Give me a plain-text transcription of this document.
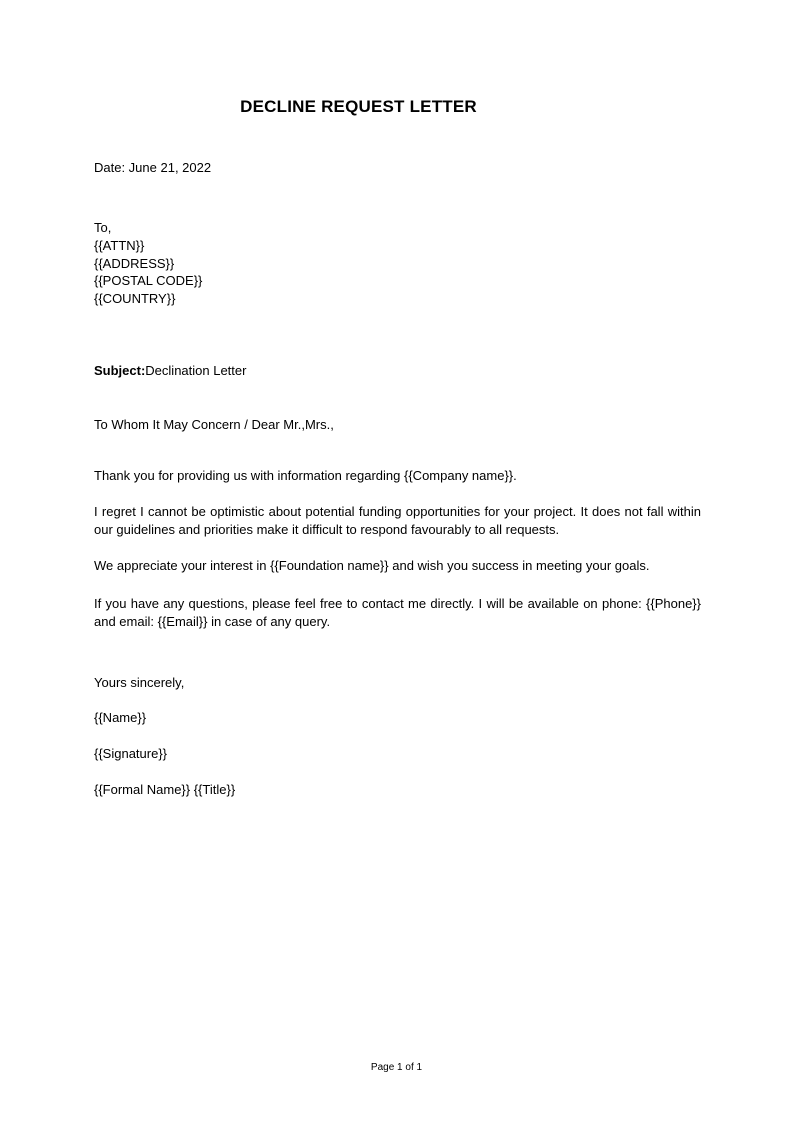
DECLINE REQUEST LETTER
Date: June 21, 2022
To,
{{ATTN}}
{{ADDRESS}}
{{POSTAL CODE}}
{{COUNTRY}}
Subject:Declination Letter
To Whom It May Concern / Dear Mr.,Mrs.,
Thank you for providing us with information regarding {{Company name}}.
I regret I cannot be optimistic about potential funding opportunities for your project. It does not fall within our guidelines and priorities make it difficult to respond favourably to all requests.
We appreciate your interest in {{Foundation name}} and wish you success in meeting your goals.
If you have any questions, please feel free to contact me directly. I will be available on phone: {{Phone}} and email: {{Email}} in case of any query.
Yours sincerely,
{{Name}}
{{Signature}}
{{Formal Name}} {{Title}}
Page 1 of 1
